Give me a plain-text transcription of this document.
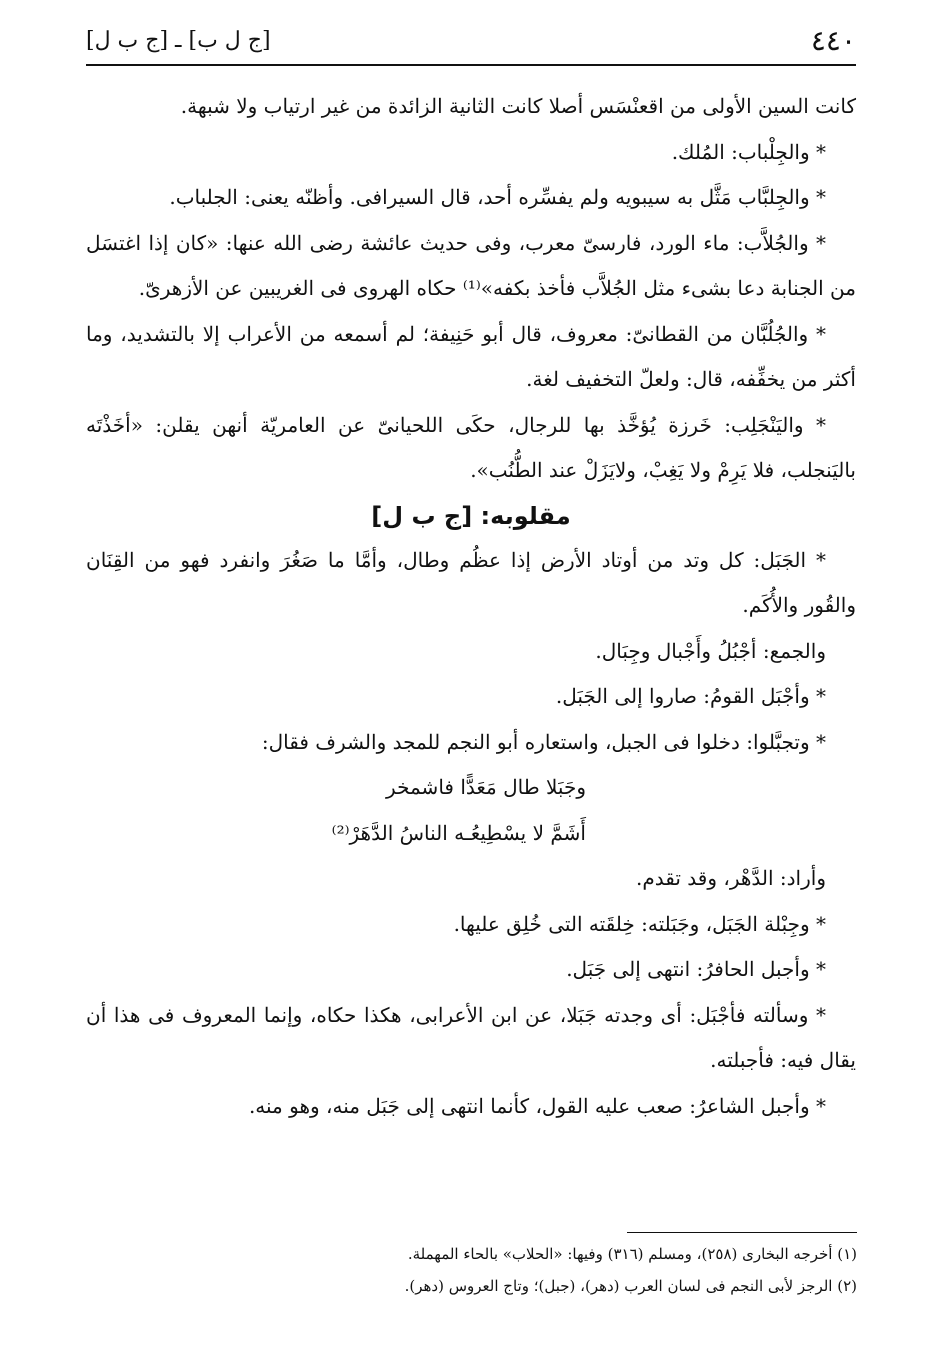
[ج ل ب] ـ [ج ب ل]	٤٤٠

كانت السين الأولى من اقعنْسَس أصلا كانت الثانية الزائدة من غير ارتياب ولا شبهة.

* والجِلْباب: المُلك.

* والجِلبَّاب مَثَّل به سيبويه ولم يفسِّره أحد، قال السيرافى. وأظنّه يعنى: الجلباب.

* والجُلاَّب: ماء الورد، فارسىّ معرب، وفى حديث عائشة رضى الله عنها: «كان إذا اغتسَل من الجنابة دعا بشىء مثل الجُلاَّب فأخذ بكفه»⁽¹⁾ حكاه الهروى فى الغريبين عن الأزهرىّ.

* والجُلُبَّان من القطانىّ: معروف، قال أبو حَنِيفة؛ لم أسمعه من الأعراب إلا بالتشديد، وما أكثر من يخفِّفه، قال: ولعلّ التخفيف لغة.

* واليَنْجَلِب: خَرزة يُؤخَّذ بها للرجال، حكَى اللحيانىّ عن العامريّة أنهن يقلن: «أخَذْتَه باليَنجلب، فلا يَرِمْ ولا يَغِبْ، ولايَزَلْ عند الطُّنُب».

مقلوبه: [ج ب ل]

* الجَبَل: كل وتد من أوتاد الأرض إذا عظُم وطال، وأمَّا ما صَغُرَ وانفرد فهو من القِنَان والقُور والأُكَم.

والجمع: أجْبُلُ وأَجْبال وجِبَال.

* وأجْبَل القومُ: صاروا إلى الجَبَل.

* وتجبَّلوا: دخلوا فى الجبل، واستعاره أبو النجم للمجد والشرف فقال:

وجَبَلا طال مَعَدًّا فاشمخر

أَشَمَّ لا يسْطِيعُـه الناسُ الدَّهَرْ⁽²⁾

وأراد: الدَّهْر، وقد تقدم.

* وجِبْلة الجَبَل، وجَبَلته: خِلقَته التى خُلِق عليها.

* وأجبل الحافرُ: انتهى إلى جَبَل.

* وسألته فأجْبَل: أى وجدته جَبَلا، عن ابن الأعرابى، هكذا حكاه، وإنما المعروف فى هذا أن يقال فيه: فأجبلته.

* وأجبل الشاعرُ: صعب عليه القول، كأنما انتهى إلى جَبَل منه، وهو منه.

(١) أخرجه البخارى (٢٥٨)، ومسلم (٣١٦) وفيها: «الحلاب» بالحاء المهملة.

(٢) الرجز لأبى النجم فى لسان العرب (دهر)، (جبل)؛ وتاج العروس (دهر).
